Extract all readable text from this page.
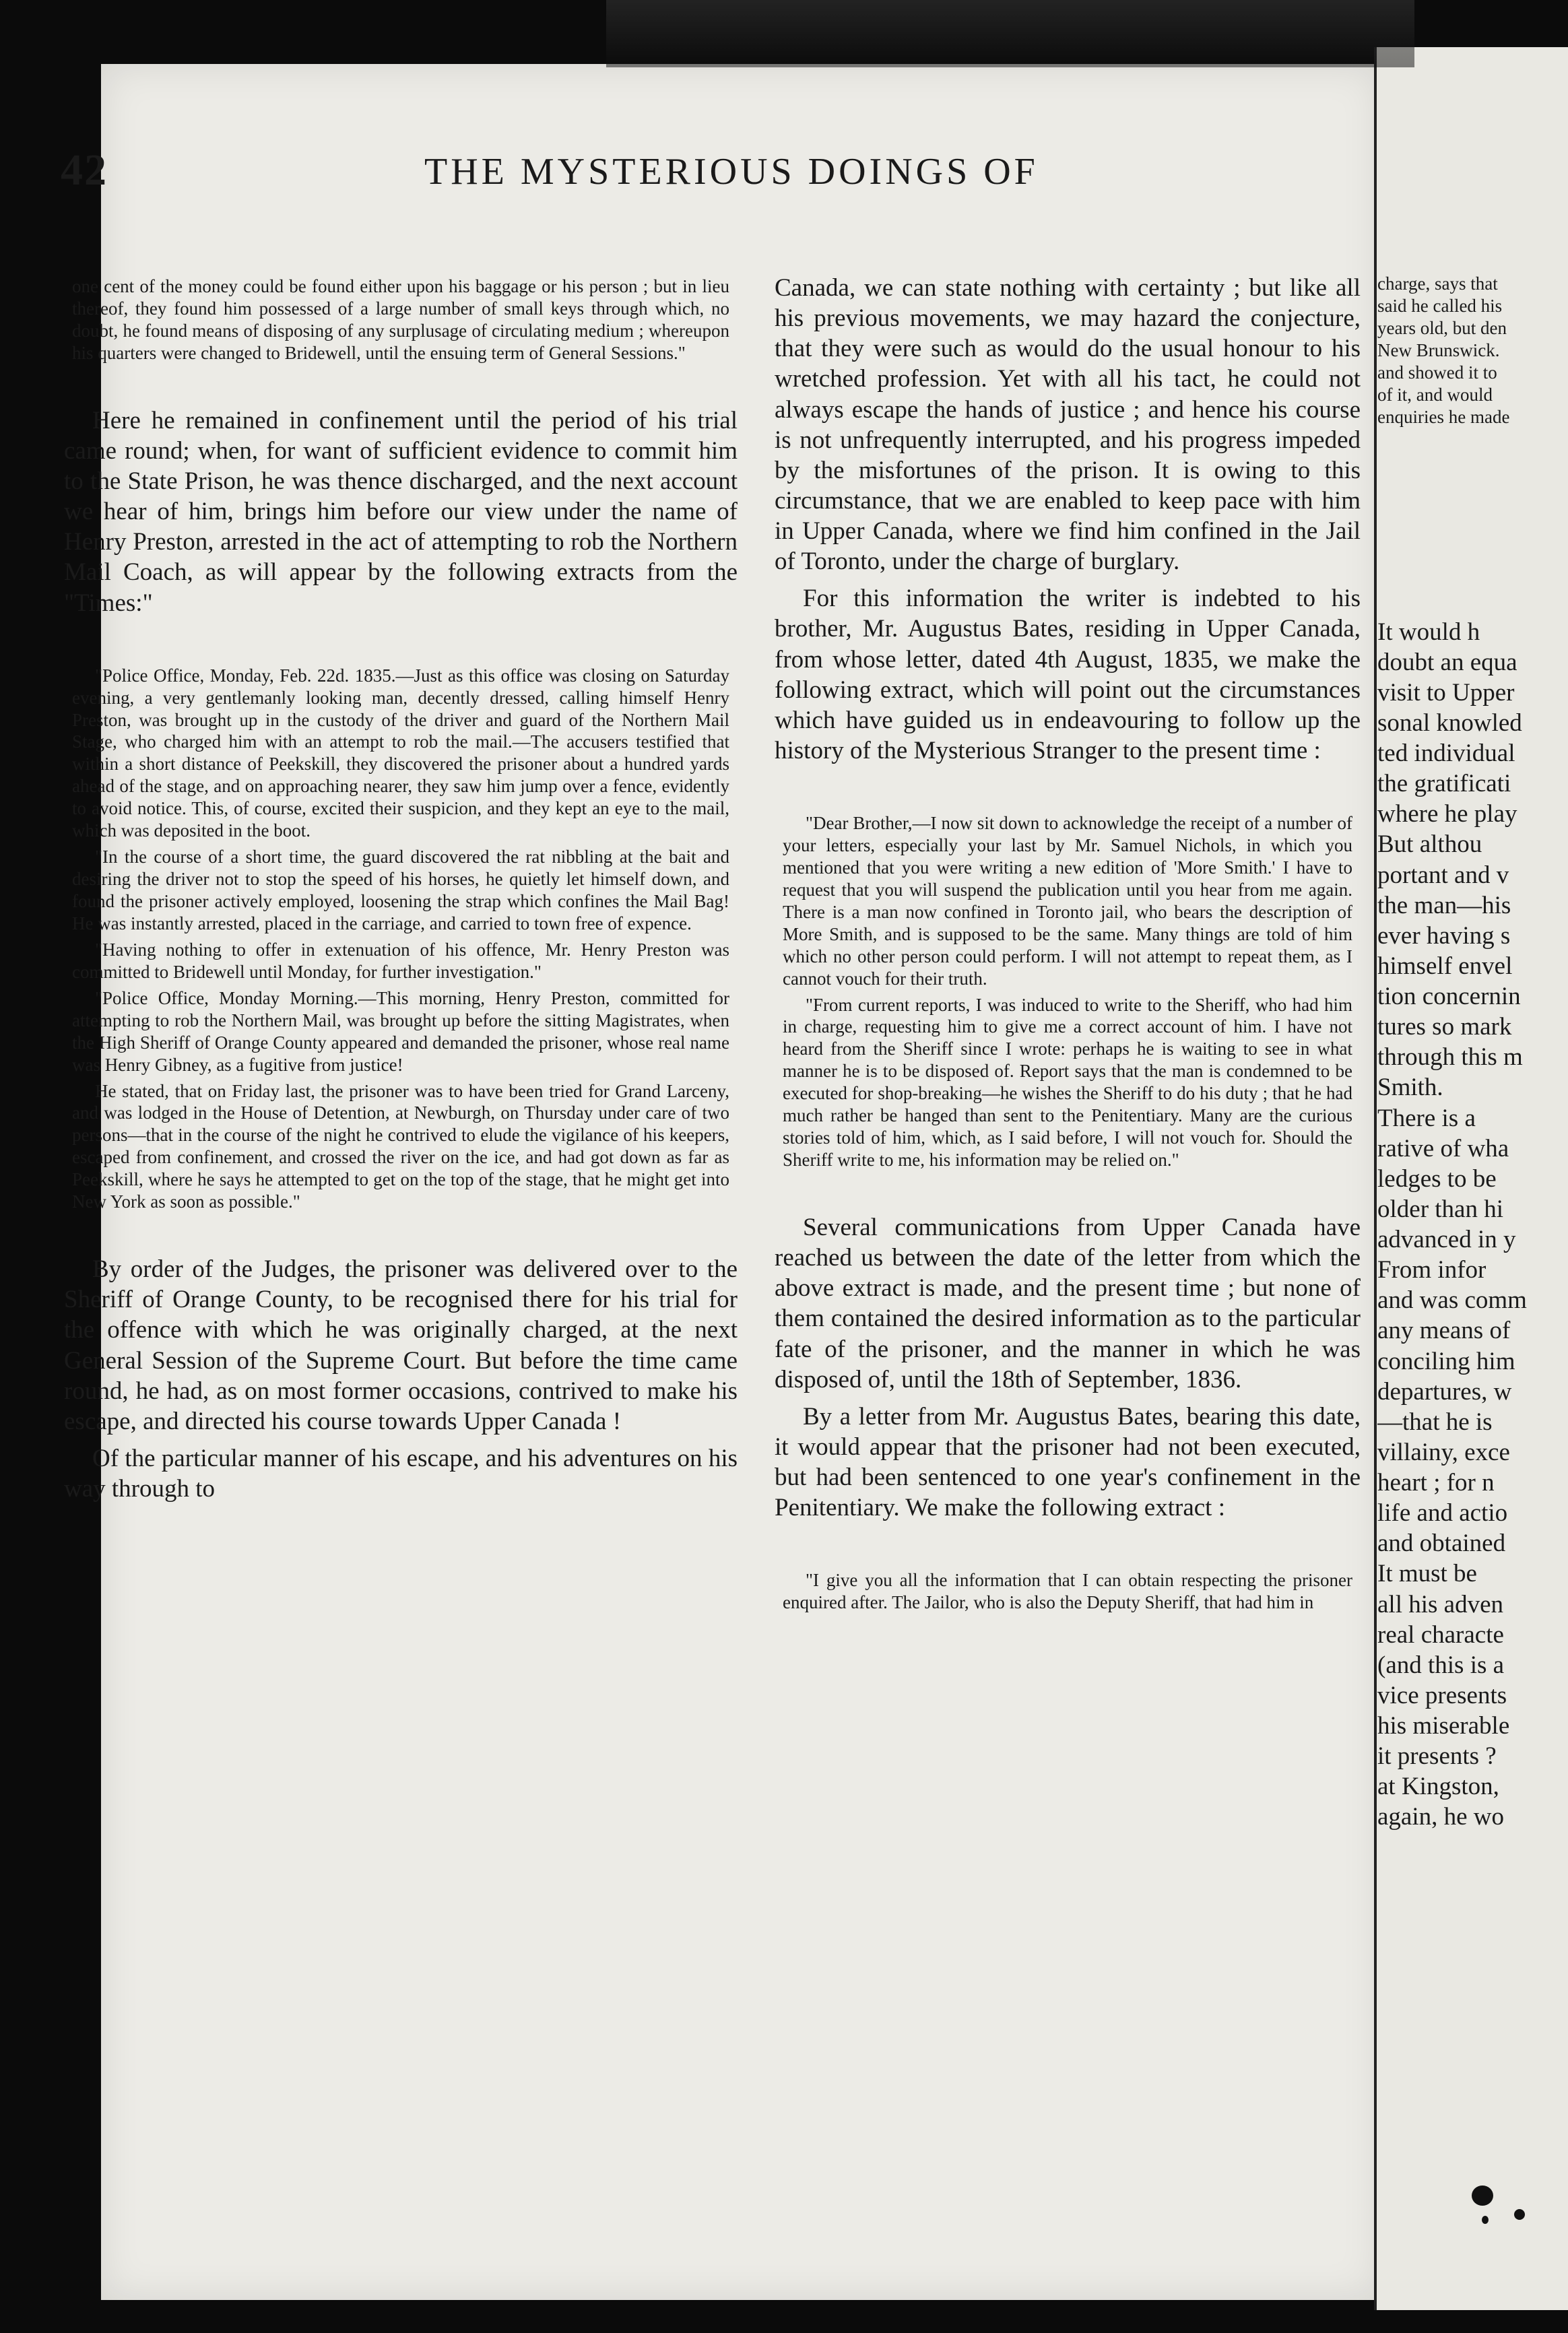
42	THE MYSTERIOUS DOINGS OF

one cent of the money could be found either upon his baggage or his person ; but in lieu thereof, they found him possessed of a large number of small keys through which, no doubt, he found means of disposing of any surplusage of circulating medium ; whereupon his quarters were changed to Bridewell, until the ensuing term of General Sessions."

Here he remained in confinement until the period of his trial came round; when, for want of sufficient evidence to commit him to the State Prison, he was thence discharged, and the next account we hear of him, brings him before our view under the name of Henry Preston, arrested in the act of attempting to rob the Northern Mail Coach, as will appear by the following extracts from the "Times:"

"Police Office, Monday, Feb. 22d. 1835.—Just as this office was closing on Saturday evening, a very gentlemanly looking man, decently dressed, calling himself Henry Preston, was brought up in the custody of the driver and guard of the Northern Mail Stage, who charged him with an attempt to rob the mail.—The accusers testified that within a short distance of Peekskill, they discovered the prisoner about a hundred yards ahead of the stage, and on approaching nearer, they saw him jump over a fence, evidently to avoid notice. This, of course, excited their suspicion, and they kept an eye to the mail, which was deposited in the boot.

"In the course of a short time, the guard discovered the rat nibbling at the bait and desiring the driver not to stop the speed of his horses, he quietly let himself down, and found the prisoner actively employed, loosening the strap which confines the Mail Bag! He was instantly arrested, placed in the carriage, and carried to town free of expence.

"Having nothing to offer in extenuation of his offence, Mr. Henry Preston was committed to Bridewell until Monday, for further investigation."

"Police Office, Monday Morning.—This morning, Henry Preston, committed for attempting to rob the Northern Mail, was brought up before the sitting Magistrates, when the High Sheriff of Orange County appeared and demanded the prisoner, whose real name was Henry Gibney, as a fugitive from justice!

He stated, that on Friday last, the prisoner was to have been tried for Grand Larceny, and was lodged in the House of Detention, at Newburgh, on Thursday under care of two persons—that in the course of the night he contrived to elude the vigilance of his keepers, escaped from confinement, and crossed the river on the ice, and had got down as far as Peekskill, where he says he attempted to get on the top of the stage, that he might get into New York as soon as possible."

By order of the Judges, the prisoner was delivered over to the Sheriff of Orange County, to be recognised there for his trial for the offence with which he was originally charged, at the next General Session of the Supreme Court. But before the time came round, he had, as on most former occasions, contrived to make his escape, and directed his course towards Upper Canada !

Of the particular manner of his escape, and his adventures on his way through to

Canada, we can state nothing with certainty ; but like all his previous movements, we may hazard the conjecture, that they were such as would do the usual honour to his wretched profession. Yet with all his tact, he could not always escape the hands of justice ; and hence his course is not unfrequently interrupted, and his progress impeded by the misfortunes of the prison. It is owing to this circumstance, that we are enabled to keep pace with him in Upper Canada, where we find him confined in the Jail of Toronto, under the charge of burglary.

For this information the writer is indebted to his brother, Mr. Augustus Bates, residing in Upper Canada, from whose letter, dated 4th August, 1835, we make the following extract, which will point out the circumstances which have guided us in endeavouring to follow up the history of the Mysterious Stranger to the present time :

"Dear Brother,—I now sit down to acknowledge the receipt of a number of your letters, especially your last by Mr. Samuel Nichols, in which you mentioned that you were writing a new edition of 'More Smith.' I have to request that you will suspend the publication until you hear from me again. There is a man now confined in Toronto jail, who bears the description of More Smith, and is supposed to be the same. Many things are told of him which no other person could perform. I will not attempt to repeat them, as I cannot vouch for their truth.

"From current reports, I was induced to write to the Sheriff, who had him in charge, requesting him to give me a correct account of him. I have not heard from the Sheriff since I wrote: perhaps he is waiting to see in what manner he is to be disposed of. Report says that the man is condemned to be executed for shop-breaking—he wishes the Sheriff to do his duty ; that he had much rather be hanged than sent to the Penitentiary. Many are the curious stories told of him, which, as I said before, I will not vouch for. Should the Sheriff write to me, his information may be relied on."

Several communications from Upper Canada have reached us between the date of the letter from which the above extract is made, and the present time ; but none of them contained the desired information as to the particular fate of the prisoner, and the manner in which he was disposed of, until the 18th of September, 1836.

By a letter from Mr. Augustus Bates, bearing this date, it would appear that the prisoner had not been executed, but had been sentenced to one year's confinement in the Penitentiary. We make the following extract :

"I give you all the information that I can obtain respecting the prisoner enquired after. The Jailor, who is also the Deputy Sheriff, that had him in

charge, says that

said he called his

years old, but den

New Brunswick.

and showed it to

of it, and would

enquiries he made

It would h

doubt an equa

visit to Upper

sonal knowled

ted individual

the gratificati

where he play

But althou

portant and v

the man—his

ever having s

himself envel

tion concernin

tures so mark

through this m

Smith.

There is a

rative of wha

ledges to be

older than hi

advanced in y

From infor

and was comm

any means of

conciling him

departures, w

—that he is

villainy, exce

heart ; for n

life and actio

and obtained

It must be

all his adven

real characte

(and this is a

vice presents

his miserable

it presents ?

at Kingston,

again, he wo
